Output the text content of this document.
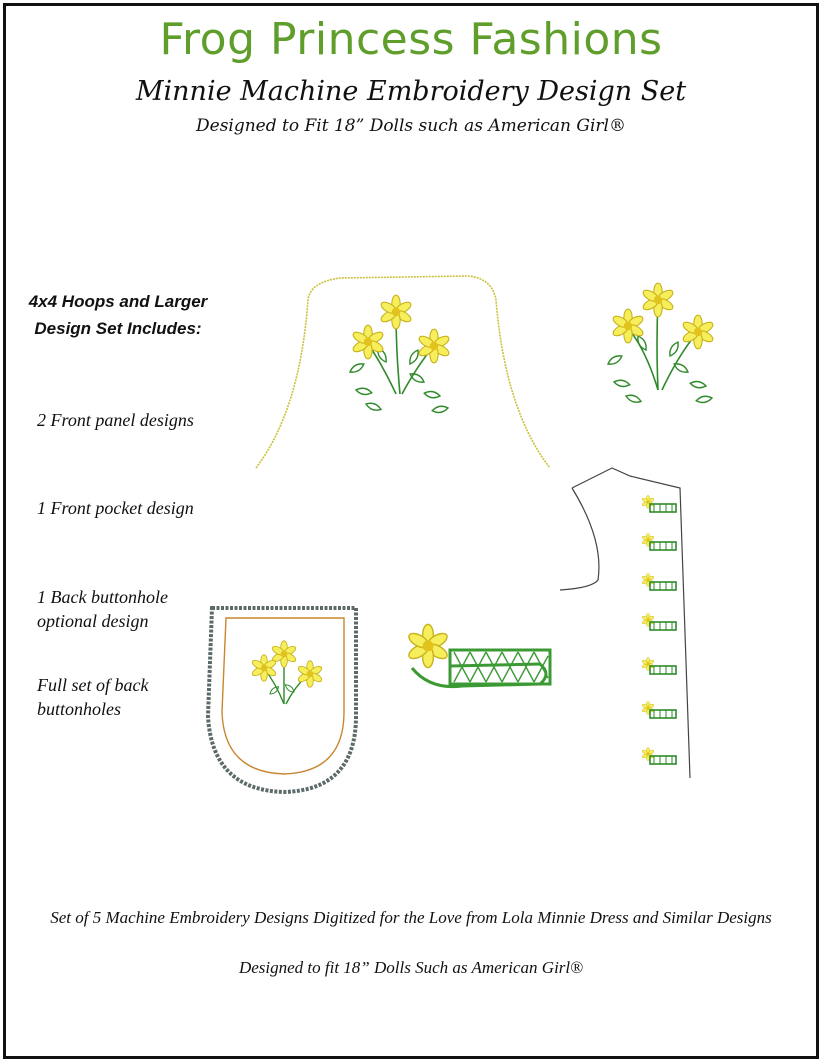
Frog Princess Fashions
Minnie Machine Embroidery Design Set
Designed to Fit 18” Dolls such as American Girl®
4x4 Hoops and Larger Design Set Includes:
2 Front panel designs
1 Front pocket design
1 Back buttonhole optional design
Full set of back buttonholes
Set of 5 Machine Embroidery Designs Digitized for the Love from Lola Minnie Dress and Similar Designs
Designed to fit 18” Dolls Such as American Girl®
